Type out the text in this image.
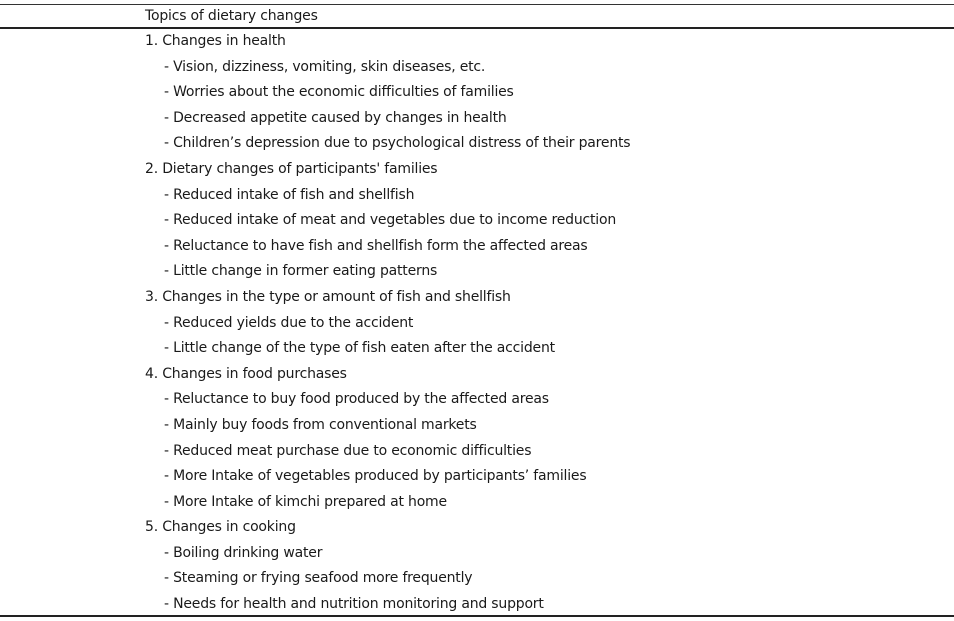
Topics of dietary changes
1. Changes in health
- Vision, dizziness, vomiting, skin diseases, etc.
- Worries about the economic difficulties of families
- Decreased appetite caused by changes in health
- Children’s depression due to psychological distress of their parents
2. Dietary changes of participants' families
- Reduced intake of fish and shellfish
- Reduced intake of meat and vegetables due to income reduction
- Reluctance to have fish and shellfish form the affected areas
- Little change in former eating patterns
3. Changes in the type or amount of fish and shellfish
- Reduced yields due to the accident
- Little change of the type of fish eaten after the accident
4. Changes in food purchases
- Reluctance to buy food produced by the affected areas
- Mainly buy foods from conventional markets
- Reduced meat purchase due to economic difficulties
- More Intake of vegetables produced by participants’ families
- More Intake of kimchi prepared at home
5. Changes in cooking
- Boiling drinking water
- Steaming or frying seafood more frequently
- Needs for health and nutrition monitoring and support
